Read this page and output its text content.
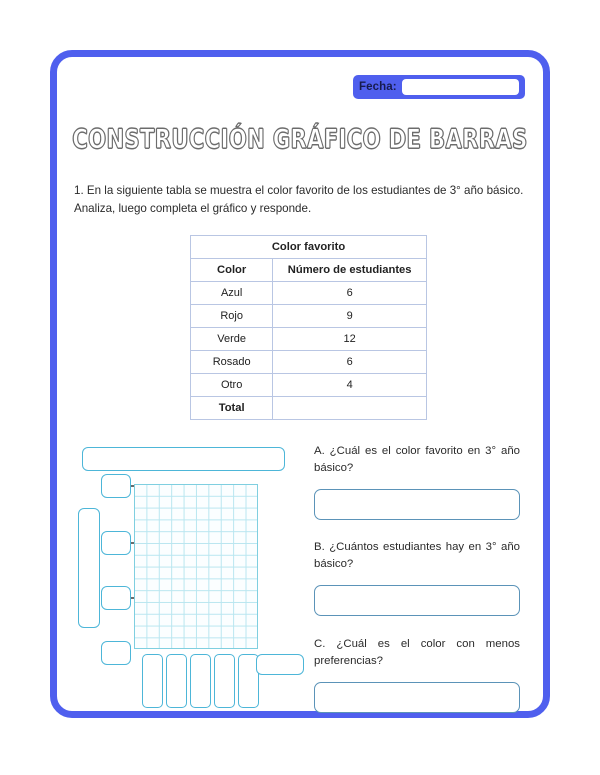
Fecha:
CONSTRUCCIÓN GRÁFICO DE BARRAS
1. En la siguiente tabla se muestra el color favorito de los estudiantes de 3° año básico. Analiza, luego completa el gráfico y responde.
Color favorito	
Color	Número de estudiantes
Azul	6
Rojo	9
Verde	12
Rosado	6
Otro	4
Total	
A. ¿Cuál es el color favorito en 3° año básico?
B. ¿Cuántos estudiantes hay en 3° año básico?
C. ¿Cuál es el color con menos preferencias?
